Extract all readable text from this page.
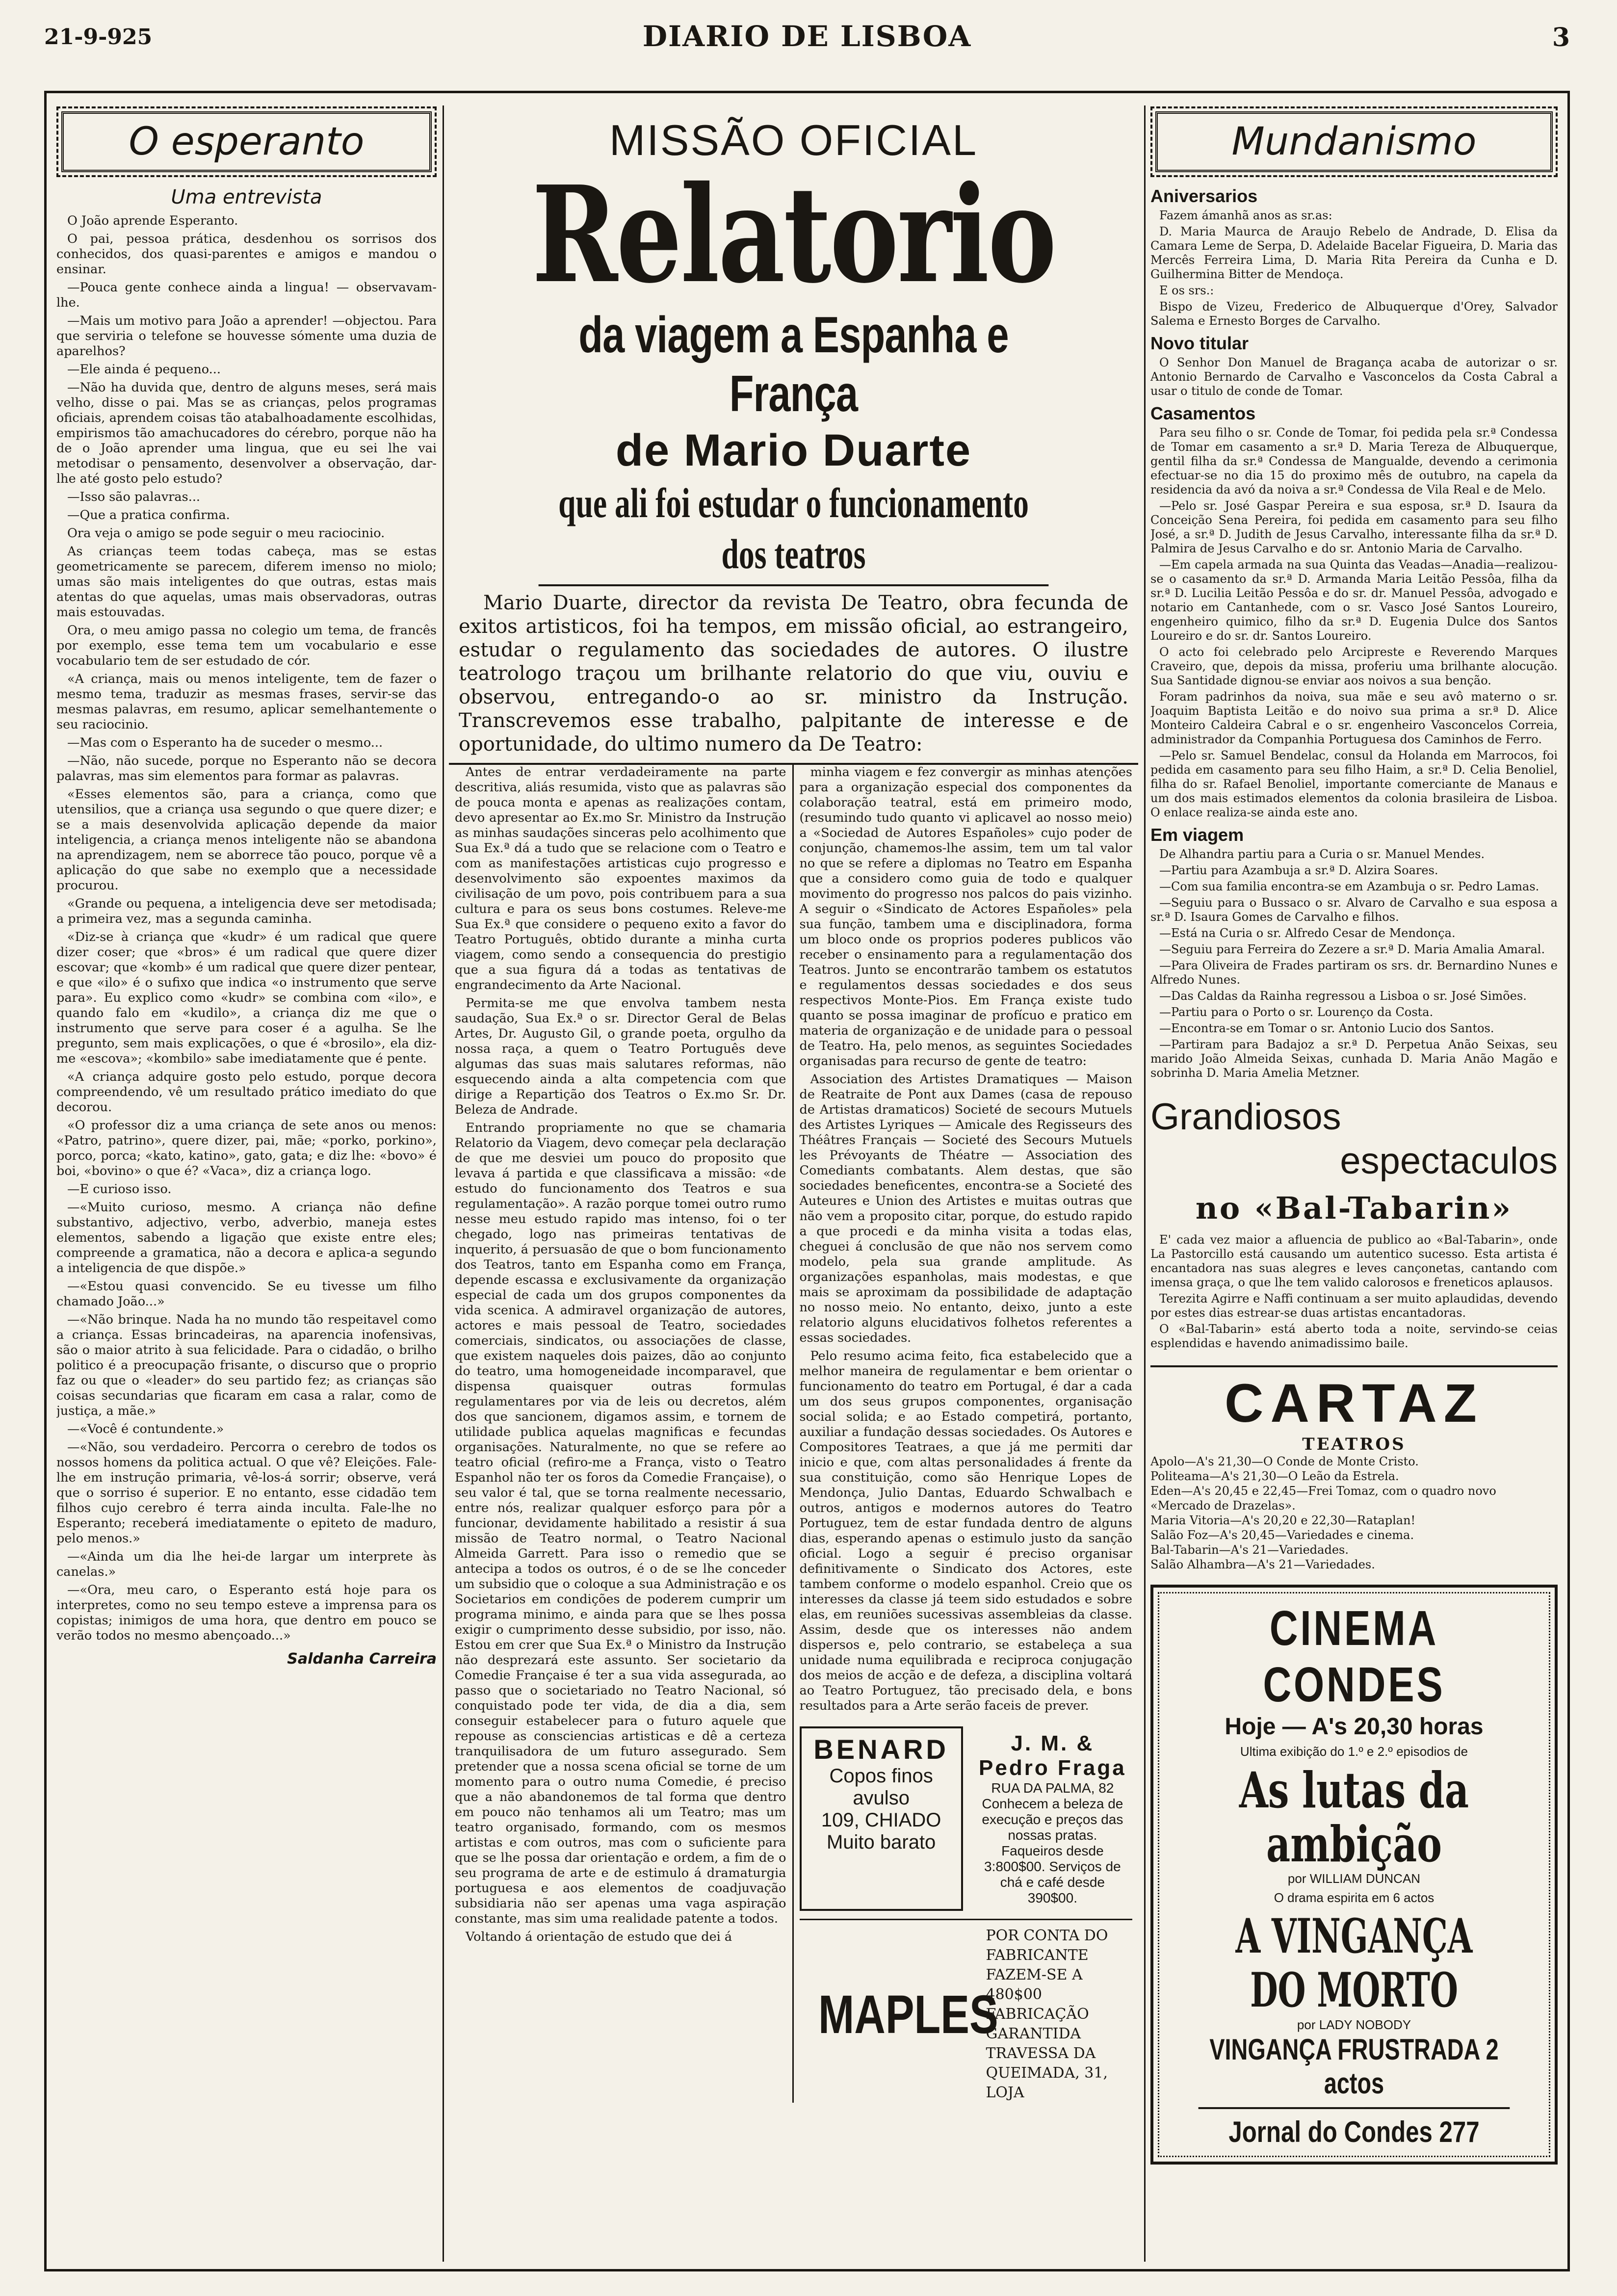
21-9-925	DIARIO DE LISBOA	3
O esperanto
Uma entrevista

O João aprende Esperanto.

O pai, pessoa prática, desdenhou os sorrisos dos conhecidos, dos quasi-parentes e amigos e mandou o ensinar.

—Pouca gente conhece ainda a lingua! — observavam-lhe.

—Mais um motivo para João a aprender! —objectou. Para que serviria o telefone se houvesse sómente uma duzia de aparelhos?

—Ele ainda é pequeno...

—Não ha duvida que, dentro de alguns meses, será mais velho, disse o pai. Mas se as crianças, pelos programas oficiais, aprendem coisas tão atabalhoadamente escolhidas, empirismos tão amachucadores do cérebro, porque não ha de o João aprender uma lingua, que eu sei lhe vai metodisar o pensamento, desenvolver a observação, dar-lhe até gosto pelo estudo?

—Isso são palavras...

—Que a pratica confirma.

Ora veja o amigo se pode seguir o meu raciocinio.

As crianças teem todas cabeça, mas se estas geometricamente se parecem, diferem imenso no miolo; umas são mais inteligentes do que outras, estas mais atentas do que aquelas, umas mais observadoras, outras mais estouvadas.

Ora, o meu amigo passa no colegio um tema, de francês por exemplo, esse tema tem um vocabulario e esse vocabulario tem de ser estudado de cór.

«A criança, mais ou menos inteligente, tem de fazer o mesmo tema, traduzir as mesmas frases, servir-se das mesmas palavras, em resumo, aplicar semelhantemente o seu raciocinio.

—Mas com o Esperanto ha de suceder o mesmo...

—Não, não sucede, porque no Esperanto não se decora palavras, mas sim elementos para formar as palavras.

«Esses elementos são, para a criança, como que utensilios, que a criança usa segundo o que quere dizer; e se a mais desenvolvida aplicação depende da maior inteligencia, a criança menos inteligente não se abandona na aprendizagem, nem se aborrece tão pouco, porque vê a aplicação do que sabe no exemplo que a necessidade procurou.

«Grande ou pequena, a inteligencia deve ser metodisada; a primeira vez, mas a segunda caminha.

«Diz-se à criança que «kudr» é um radical que quere dizer coser; que «bros» é um radical que quere dizer escovar; que «komb» é um radical que quere dizer pentear, e que «ilo» é o sufixo que indica «o instrumento que serve para». Eu explico como «kudr» se combina com «ilo», e quando falo em «kudilo», a criança diz me que o instrumento que serve para coser é a agulha. Se lhe pregunto, sem mais explicações, o que é «brosilo», ela diz-me «escova»; «kombilo» sabe imediatamente que é pente.

«A criança adquire gosto pelo estudo, porque decora compreendendo, vê um resultado prático imediato do que decorou.

«O professor diz a uma criança de sete anos ou menos: «Patro, patrino», quere dizer, pai, mãe; «porko, porkino», porco, porca; «kato, katino», gato, gata; e diz lhe: «bovo» é boi, «bovino» o que é? «Vaca», diz a criança logo.

—E curioso isso.

—«Muito curioso, mesmo. A criança não define substantivo, adjectivo, verbo, adverbio, maneja estes elementos, sabendo a ligação que existe entre eles; compreende a gramatica, não a decora e aplica-a segundo a inteligencia de que dispõe.»

—«Estou quasi convencido. Se eu tivesse um filho chamado João...»

—«Não brinque. Nada ha no mundo tão respeitavel como a criança. Essas brincadeiras, na aparencia inofensivas, são o maior atrito à sua felicidade. Para o cidadão, o brilho politico é a preocupação frisante, o discurso que o proprio faz ou que o «leader» do seu partido fez; as crianças são coisas secundarias que ficaram em casa a ralar, como de justiça, a mãe.»

—«Você é contundente.»

—«Não, sou verdadeiro. Percorra o cerebro de todos os nossos homens da politica actual. O que vê? Eleições. Fale-lhe em instrução primaria, vê-los-á sorrir; observe, verá que o sorriso é superior. E no entanto, esse cidadão tem filhos cujo cerebro é terra ainda inculta. Fale-lhe no Esperanto; receberá imediatamente o epiteto de maduro, pelo menos.»

—«Ainda um dia lhe hei-de largar um interprete às canelas.»

—«Ora, meu caro, o Esperanto está hoje para os interpretes, como no seu tempo esteve a imprensa para os copistas; inimigos de uma hora, que dentro em pouco se verão todos no mesmo abençoado...»

Saldanha Carreira
MISSÃO OFICIAL
Relatorio
da viagem a Espanha e França
de Mario Duarte
que ali foi estudar o funcionamento dos teatros
Mario Duarte, director da revista De Teatro, obra fecunda de exitos artisticos, foi ha tempos, em missão oficial, ao estrangeiro, estudar o regulamento das sociedades de autores. O ilustre teatrologo traçou um brilhante relatorio do que viu, ouviu e observou, entregando-o ao sr. ministro da Instrução. Transcrevemos esse trabalho, palpitante de interesse e de oportunidade, do ultimo numero da De Teatro:

Antes de entrar verdadeiramente na parte descritiva, aliás resumida, visto que as palavras são de pouca monta e apenas as realizações contam, devo apresentar ao Ex.mo Sr. Ministro da Instrução as minhas saudações sinceras pelo acolhimento que Sua Ex.ª dá a tudo que se relacione com o Teatro e com as manifestações artisticas cujo progresso e desenvolvimento são expoentes maximos da civilisação de um povo, pois contribuem para a sua cultura e para os seus bons costumes. Releve-me Sua Ex.ª que considere o pequeno exito a favor do Teatro Português, obtido durante a minha curta viagem, como sendo a consequencia do prestigio que a sua figura dá a todas as tentativas de engrandecimento da Arte Nacional.

Permita-se me que envolva tambem nesta saudação, Sua Ex.ª o sr. Director Geral de Belas Artes, Dr. Augusto Gil, o grande poeta, orgulho da nossa raça, a quem o Teatro Português deve algumas das suas mais salutares reformas, não esquecendo ainda a alta competencia com que dirige a Repartição dos Teatros o Ex.mo Sr. Dr. Beleza de Andrade.

Entrando propriamente no que se chamaria Relatorio da Viagem, devo começar pela declaração de que me desviei um pouco do proposito que levava á partida e que classificava a missão: «de estudo do funcionamento dos Teatros e sua regulamentação». A razão porque tomei outro rumo nesse meu estudo rapido mas intenso, foi o ter chegado, logo nas primeiras tentativas de inquerito, á persuasão de que o bom funcionamento dos Teatros, tanto em Espanha como em França, depende escassa e exclusivamente da organização especial de cada um dos grupos componentes da vida scenica. A admiravel organização de autores, actores e mais pessoal de Teatro, sociedades comerciais, sindicatos, ou associações de classe, que existem naqueles dois paizes, dão ao conjunto do teatro, uma homogeneidade incomparavel, que dispensa quaisquer outras formulas regulamentares por via de leis ou decretos, além dos que sancionem, digamos assim, e tornem de utilidade publica aquelas magnificas e fecundas organisações. Naturalmente, no que se refere ao teatro oficial (refiro-me a França, visto o Teatro Espanhol não ter os foros da Comedie Française), o seu valor é tal, que se torna realmente necessario, entre nós, realizar qualquer esforço para pôr a funcionar, devidamente habilitado a resistir á sua missão de Teatro normal, o Teatro Nacional Almeida Garrett. Para isso o remedio que se antecipa a todos os outros, é o de se lhe conceder um subsidio que o coloque a sua Administração e os Societarios em condições de poderem cumprir um programa minimo, e ainda para que se lhes possa exigir o cumprimento desse subsidio, por isso, não. Estou em crer que Sua Ex.ª o Ministro da Instrução não desprezará este assunto. Ser societario da Comedie Française é ter a sua vida assegurada, ao passo que o societariado no Teatro Nacional, só conquistado pode ter vida, de dia a dia, sem conseguir estabelecer para o futuro aquele que repouse as consciencias artisticas e dê a certeza tranquilisadora de um futuro assegurado. Sem pretender que a nossa scena oficial se torne de um momento para o outro numa Comedie, é preciso que a não abandonemos de tal forma que dentro em pouco não tenhamos ali um Teatro; mas um teatro organisado, formando, com os mesmos artistas e com outros, mas com o suficiente para que se lhe possa dar orientação e ordem, a fim de o seu programa de arte e de estimulo á dramaturgia portuguesa e aos elementos de coadjuvação subsidiaria não ser apenas uma vaga aspiração constante, mas sim uma realidade patente a todos.

Voltando á orientação de estudo que dei á

minha viagem e fez convergir as minhas atenções para a organização especial dos componentes da colaboração teatral, está em primeiro modo, (resumindo tudo quanto vi aplicavel ao nosso meio) a «Sociedad de Autores Españoles» cujo poder de conjunção, chamemos-lhe assim, tem um tal valor no que se refere a diplomas no Teatro em Espanha que a considero como guia de todo e qualquer movimento do progresso nos palcos do pais vizinho. A seguir o «Sindicato de Actores Españoles» pela sua função, tambem uma e disciplinadora, forma um bloco onde os proprios poderes publicos vão receber o ensinamento para a regulamentação dos Teatros. Junto se encontrarão tambem os estatutos e regulamentos dessas sociedades e dos seus respectivos Monte-Pios. Em França existe tudo quanto se possa imaginar de profícuo e pratico em materia de organização e de unidade para o pessoal de Teatro. Ha, pelo menos, as seguintes Sociedades organisadas para recurso de gente de teatro:

Association des Artistes Dramatiques — Maison de Reatraite de Pont aux Dames (casa de repouso de Artistas dramaticos) Societé de secours Mutuels des Artistes Lyriques — Amicale des Regisseurs des Théâtres Français — Societé des Secours Mutuels les Prévoyants de Théatre — Association des Comediants combatants. Alem destas, que são sociedades beneficentes, encontra-se a Societé des Auteures e Union des Artistes e muitas outras que não vem a proposito citar, porque, do estudo rapido a que procedi e da minha visita a todas elas, cheguei á conclusão de que não nos servem como modelo, pela sua grande amplitude. As organizações espanholas, mais modestas, e que mais se aproximam da possibilidade de adaptação no nosso meio. No entanto, deixo, junto a este relatorio alguns elucidativos folhetos referentes a essas sociedades.

Pelo resumo acima feito, fica estabelecido que a melhor maneira de regulamentar e bem orientar o funcionamento do teatro em Portugal, é dar a cada um dos seus grupos componentes, organisação social solida; e ao Estado competirá, portanto, auxiliar a fundação dessas sociedades. Os Autores e Compositores Teatraes, a que já me permiti dar inicio e que, com altas personalidades á frente da sua constituição, como são Henrique Lopes de Mendonça, Julio Dantas, Eduardo Schwalbach e outros, antigos e modernos autores do Teatro Portuguez, tem de estar fundada dentro de alguns dias, esperando apenas o estimulo justo da sanção oficial. Logo a seguir é preciso organisar definitivamente o Sindicato dos Actores, este tambem conforme o modelo espanhol. Creio que os interesses da classe já teem sido estudados e sobre elas, em reuniões sucessivas assembleias da classe. Assim, desde que os interesses não andem dispersos e, pelo contrario, se estabeleça a sua unidade numa equilibrada e reciproca conjugação dos meios de acção e de defeza, a disciplina voltará ao Teatro Portuguez, tão precisado dela, e bons resultados para a Arte serão faceis de prever.

BENARD
Copos finos avulso
109, CHIADO
Muito barato
J. M. & Pedro Fraga
RUA DA PALMA, 82
Conhecem a beleza de execução e preços das nossas pratas. Faqueiros desde 3:800$00. Serviços de chá e café desde 390$00.
MAPLES
POR CONTA DO FABRICANTE
FAZEM-SE A 480$00
FABRICAÇÃO GARANTIDA
TRAVESSA DA QUEIMADA, 31, LOJA
Mundanismo
Aniversarios

Fazem ámanhã anos as sr.as:

D. Maria Maurca de Araujo Rebelo de Andrade, D. Elisa da Camara Leme de Serpa, D. Adelaide Bacelar Figueira, D. Maria das Mercês Ferreira Lima, D. Maria Rita Pereira da Cunha e D. Guilhermina Bitter de Mendoça.

E os srs.:

Bispo de Vizeu, Frederico de Albuquerque d'Orey, Salvador Salema e Ernesto Borges de Carvalho.

Novo titular

O Senhor Don Manuel de Bragança acaba de autorizar o sr. Antonio Bernardo de Carvalho e Vasconcelos da Costa Cabral a usar o titulo de conde de Tomar.

Casamentos

Para seu filho o sr. Conde de Tomar, foi pedida pela sr.ª Condessa de Tomar em casamento a sr.ª D. Maria Tereza de Albuquerque, gentil filha da sr.ª Condessa de Mangualde, devendo a cerimonia efectuar-se no dia 15 do proximo mês de outubro, na capela da residencia da avó da noiva a sr.ª Condessa de Vila Real e de Melo.

—Pelo sr. José Gaspar Pereira e sua esposa, sr.ª D. Isaura da Conceição Sena Pereira, foi pedida em casamento para seu filho José, a sr.ª D. Judith de Jesus Carvalho, interessante filha da sr.ª D. Palmira de Jesus Carvalho e do sr. Antonio Maria de Carvalho.

—Em capela armada na sua Quinta das Veadas—Anadia—realizou-se o casamento da sr.ª D. Armanda Maria Leitão Pessôa, filha da sr.ª D. Lucilia Leitão Pessôa e do sr. dr. Manuel Pessôa, advogado e notario em Cantanhede, com o sr. Vasco José Santos Loureiro, engenheiro quimico, filho da sr.ª D. Eugenia Dulce dos Santos Loureiro e do sr. dr. Santos Loureiro.

O acto foi celebrado pelo Arcipreste e Reverendo Marques Craveiro, que, depois da missa, proferiu uma brilhante alocução. Sua Santidade dignou-se enviar aos noivos a sua benção.

Foram padrinhos da noiva, sua mãe e seu avô materno o sr. Joaquim Baptista Leitão e do noivo sua prima a sr.ª D. Alice Monteiro Caldeira Cabral e o sr. engenheiro Vasconcelos Correia, administrador da Companhia Portuguesa dos Caminhos de Ferro.

—Pelo sr. Samuel Bendelac, consul da Holanda em Marrocos, foi pedida em casamento para seu filho Haim, a sr.ª D. Celia Benoliel, filha do sr. Rafael Benoliel, importante comerciante de Manaus e um dos mais estimados elementos da colonia brasileira de Lisboa. O enlace realiza-se ainda este ano.

Em viagem

De Alhandra partiu para a Curia o sr. Manuel Mendes.

—Partiu para Azambuja a sr.ª D. Alzira Soares.

—Com sua familia encontra-se em Azambuja o sr. Pedro Lamas.

—Seguiu para o Bussaco o sr. Alvaro de Carvalho e sua esposa a sr.ª D. Isaura Gomes de Carvalho e filhos.

—Está na Curia o sr. Alfredo Cesar de Mendonça.

—Seguiu para Ferreira do Zezere a sr.ª D. Maria Amalia Amaral.

—Para Oliveira de Frades partiram os srs. dr. Bernardino Nunes e Alfredo Nunes.

—Das Caldas da Rainha regressou a Lisboa o sr. José Simões.

—Partiu para o Porto o sr. Lourenço da Costa.

—Encontra-se em Tomar o sr. Antonio Lucio dos Santos.

—Partiram para Badajoz a sr.ª D. Perpetua Anão Seixas, seu marido João Almeida Seixas, cunhada D. Maria Anão Magão e sobrinha D. Maria Amelia Metzner.

Grandiosos
espectaculos
no «Bal-Tabarin»

E' cada vez maior a afluencia de publico ao «Bal-Tabarin», onde La Pastorcillo está causando um autentico sucesso. Esta artista é encantadora nas suas alegres e leves cançonetas, cantando com imensa graça, o que lhe tem valido calorosos e freneticos aplausos.

Terezita Agirre e Naffi continuam a ser muito aplaudidas, devendo por estes dias estrear-se duas artistas encantadoras.

O «Bal-Tabarin» está aberto toda a noite, servindo-se ceias esplendidas e havendo animadissimo baile.

CARTAZ
TEATROS
Apolo—A's 21,30—O Conde de Monte Cristo.
Politeama—A's 21,30—O Leão da Estrela.
Eden—A's 20,45 e 22,45—Frei Tomaz, com o quadro novo «Mercado de Drazelas».
Maria Vitoria—A's 20,20 e 22,30—Rataplan!
Salão Foz—A's 20,45—Variedades e cinema.
Bal-Tabarin—A's 21—Variedades.
Salão Alhambra—A's 21—Variedades.
CINEMA CONDES
Hoje — A's 20,30 horas
Ultima exibição do 1.º e 2.º episodios de
As lutas da ambição
por WILLIAM DUNCAN
O drama espirita em 6 actos
A VINGANÇA DO MORTO
por LADY NOBODY
VINGANÇA FRUSTRADA 2 actos
Jornal do Condes 277
